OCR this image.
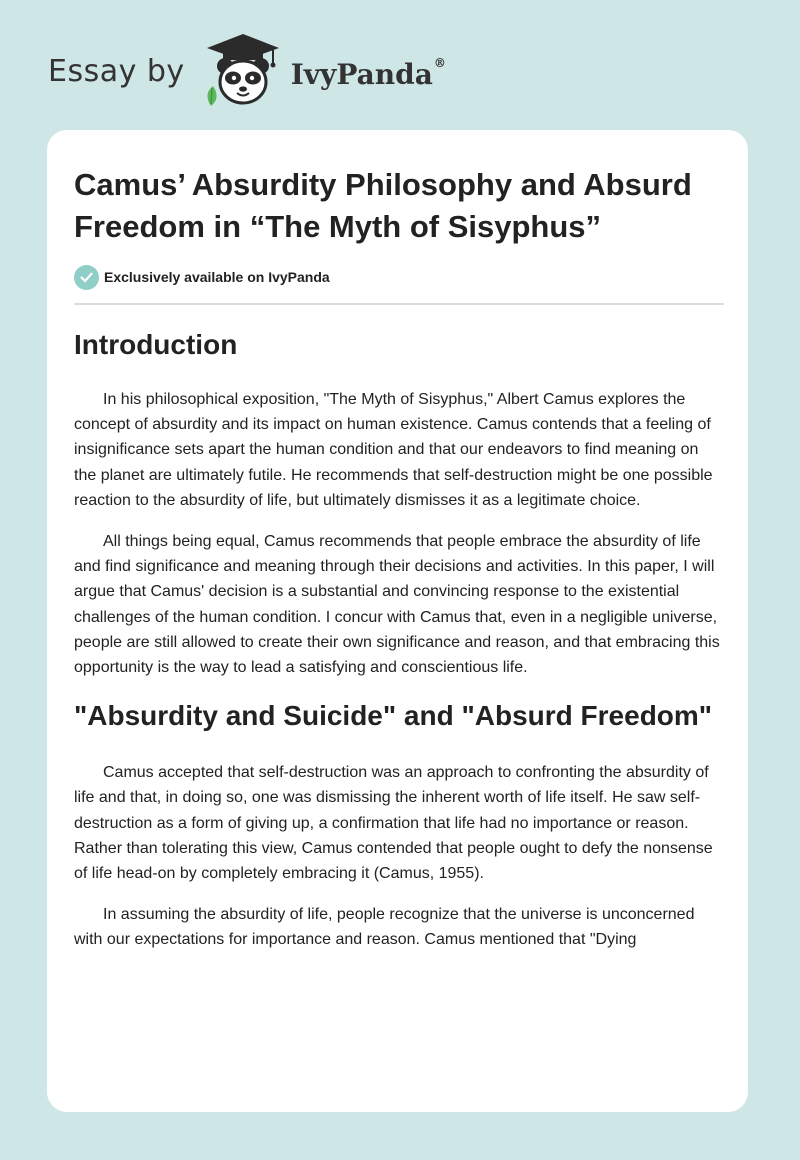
Essay by	IvyPanda®
Camus’ Absurdity Philosophy and Absurd Freedom in “The Myth of Sisyphus”
Exclusively available on IvyPanda
Introduction

In his philosophical exposition, "The Myth of Sisyphus," Albert Camus explores the concept of absurdity and its impact on human existence. Camus contends that a feeling of insignificance sets apart the human condition and that our endeavors to find meaning on the planet are ultimately futile. He recommends that self-destruction might be one possible reaction to the absurdity of life, but ultimately dismisses it as a legitimate choice.

All things being equal, Camus recommends that people embrace the absurdity of life and find significance and meaning through their decisions and activities. In this paper, I will argue that Camus' decision is a substantial and convincing response to the existential challenges of the human condition. I concur with Camus that, even in a negligible universe, people are still allowed to create their own significance and reason, and that embracing this opportunity is the way to lead a satisfying and conscientious life.

"Absurdity and Suicide" and "Absurd Freedom"

Camus accepted that self-destruction was an approach to confronting the absurdity of life and that, in doing so, one was dismissing the inherent worth of life itself. He saw self-destruction as a form of giving up, a confirmation that life had no importance or reason. Rather than tolerating this view, Camus contended that people ought to defy the nonsense of life head-on by completely embracing it (Camus, 1955).

In assuming the absurdity of life, people recognize that the universe is unconcerned with our expectations for importance and reason. Camus mentioned that "Dying
